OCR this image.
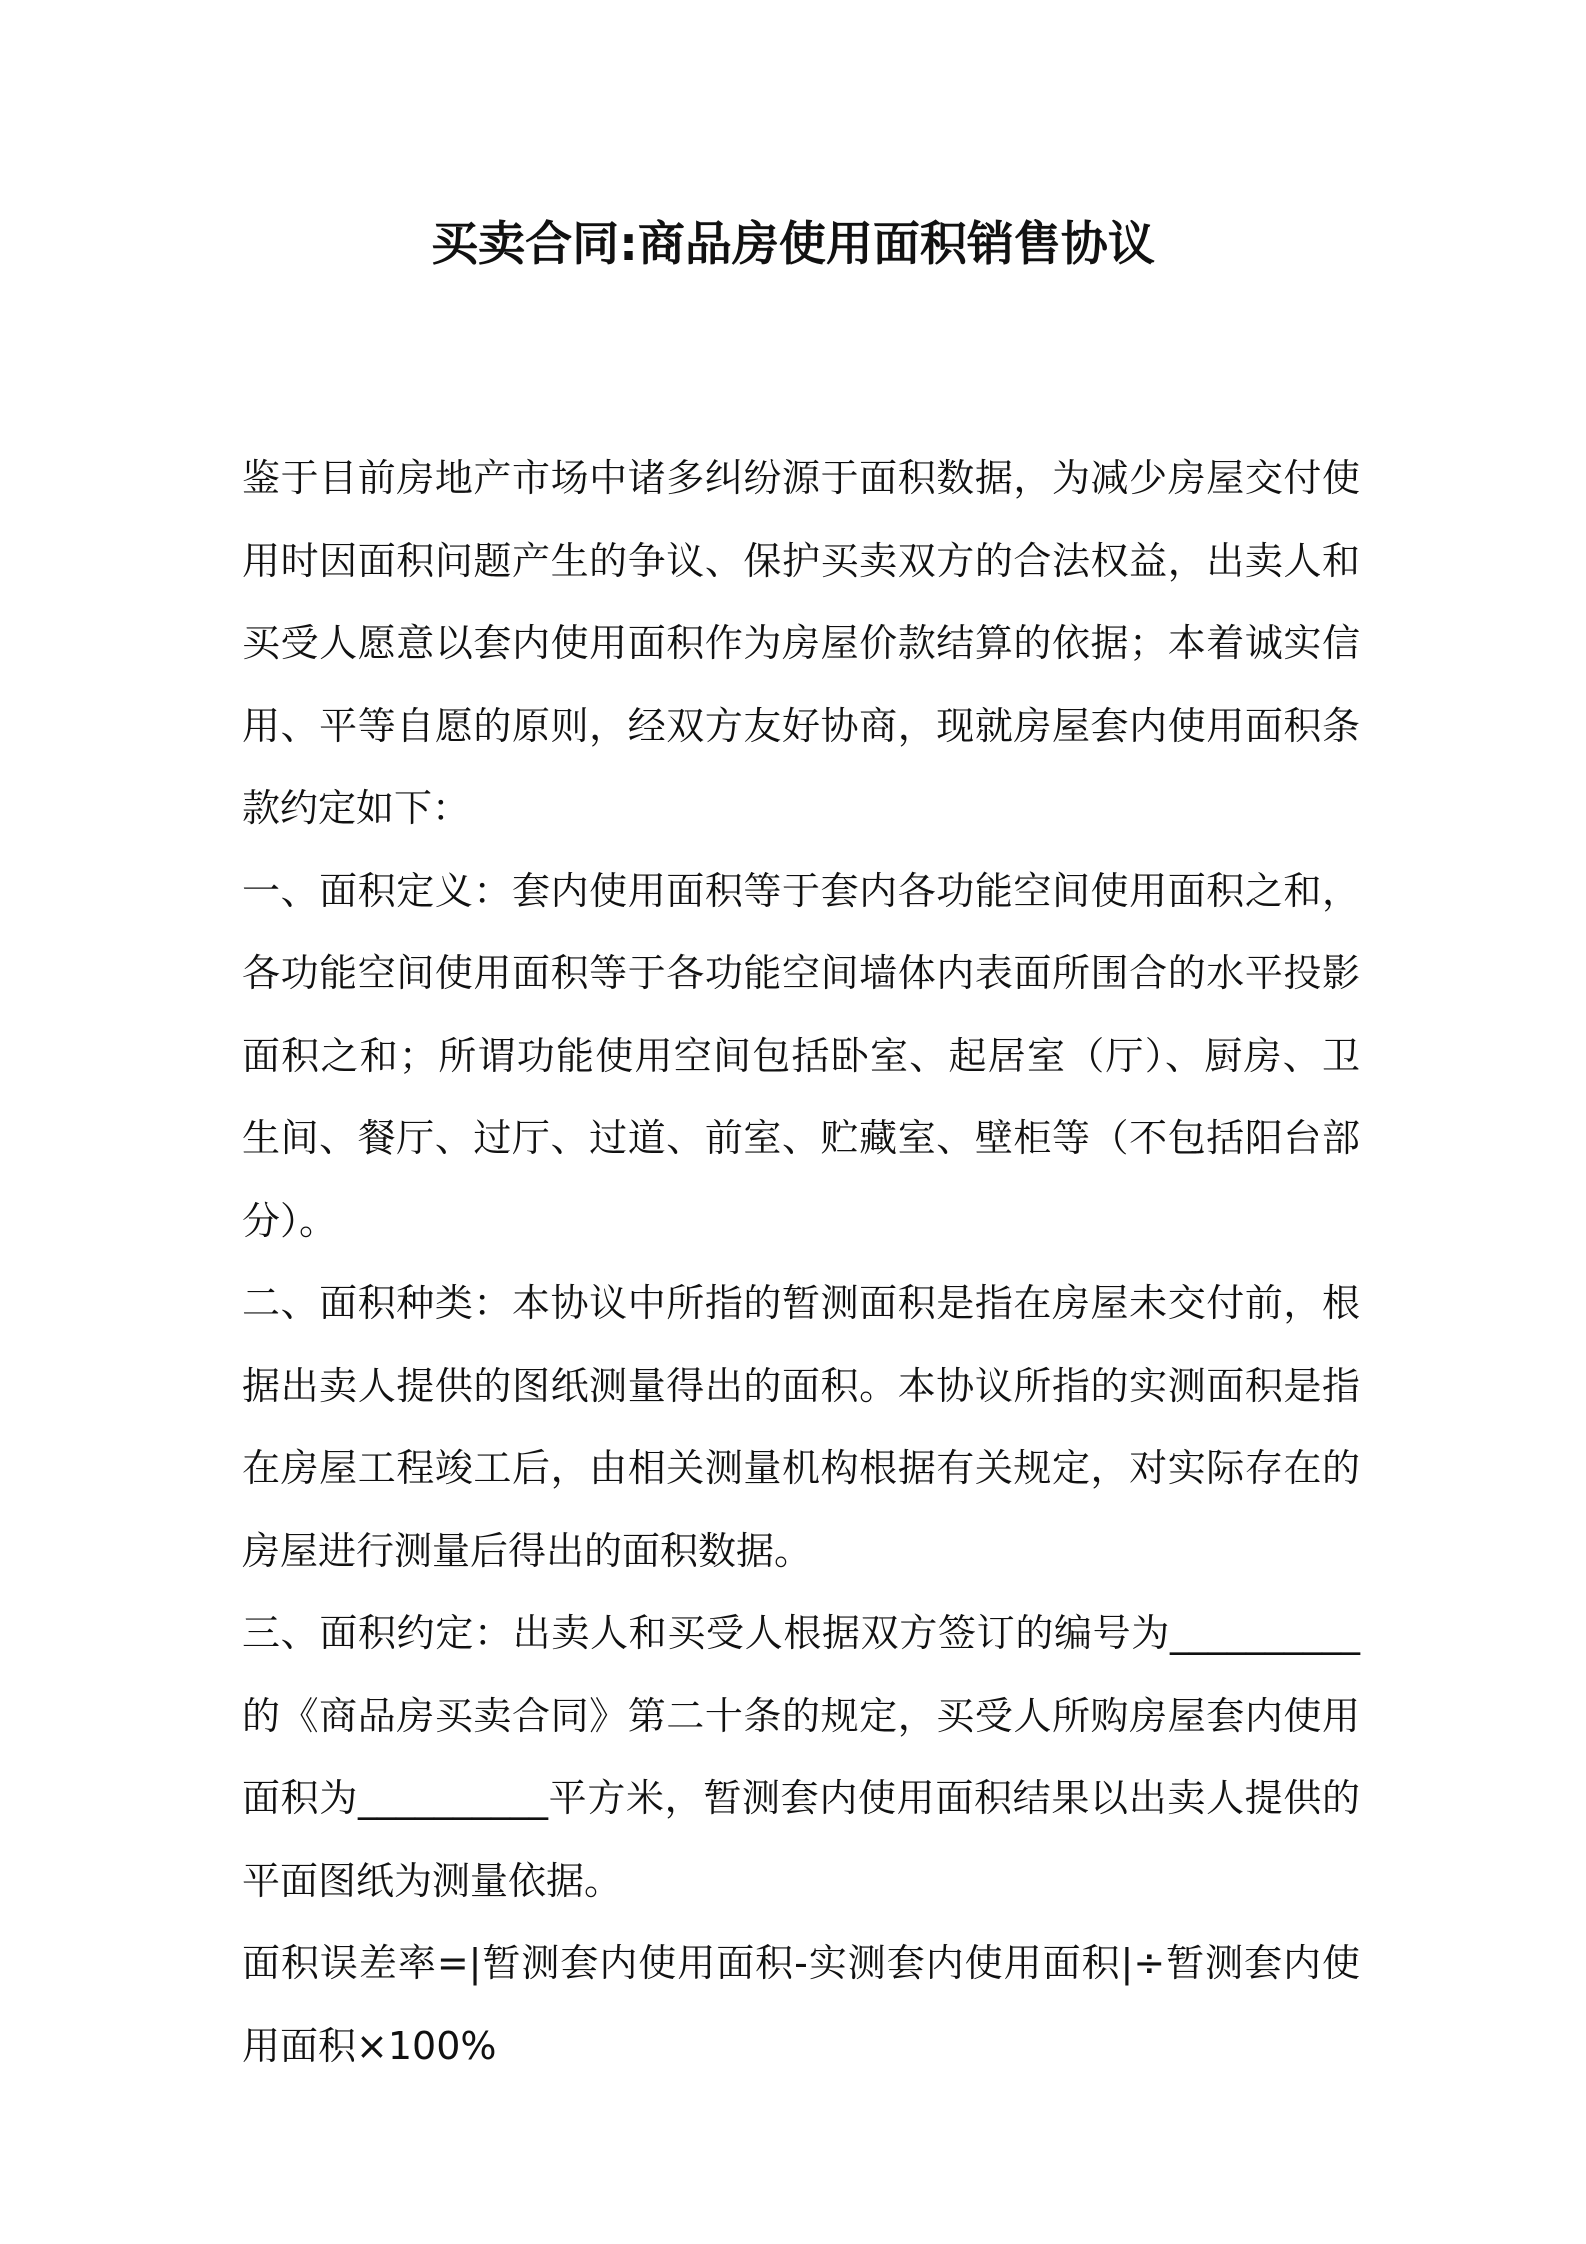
买卖合同:商品房使用面积销售协议

鉴于目前房地产市场中诸多纠纷源于面积数据，为减少房屋交付使用时因面积问题产生的争议、保护买卖双方的合法权益，出卖人和买受人愿意以套内使用面积作为房屋价款结算的依据；本着诚实信用、平等自愿的原则，经双方友好协商，现就房屋套内使用面积条款约定如下：

一、面积定义：套内使用面积等于套内各功能空间使用面积之和，各功能空间使用面积等于各功能空间墙体内表面所围合的水平投影面积之和；所谓功能使用空间包括卧室、起居室（厅）、厨房、卫生间、餐厅、过厅、过道、前室、贮藏室、壁柜等（不包括阳台部分）。

二、面积种类：本协议中所指的暂测面积是指在房屋未交付前，根据出卖人提供的图纸测量得出的面积。本协议所指的实测面积是指在房屋工程竣工后，由相关测量机构根据有关规定，对实际存在的房屋进行测量后得出的面积数据。

三、面积约定：出卖人和买受人根据双方签订的编号为__________的《商品房买卖合同》第二十条的规定，买受人所购房屋套内使用面积为__________平方米，暂测套内使用面积结果以出卖人提供的平面图纸为测量依据。

面积误差率=|暂测套内使用面积-实测套内使用面积|÷暂测套内使用面积×100%
